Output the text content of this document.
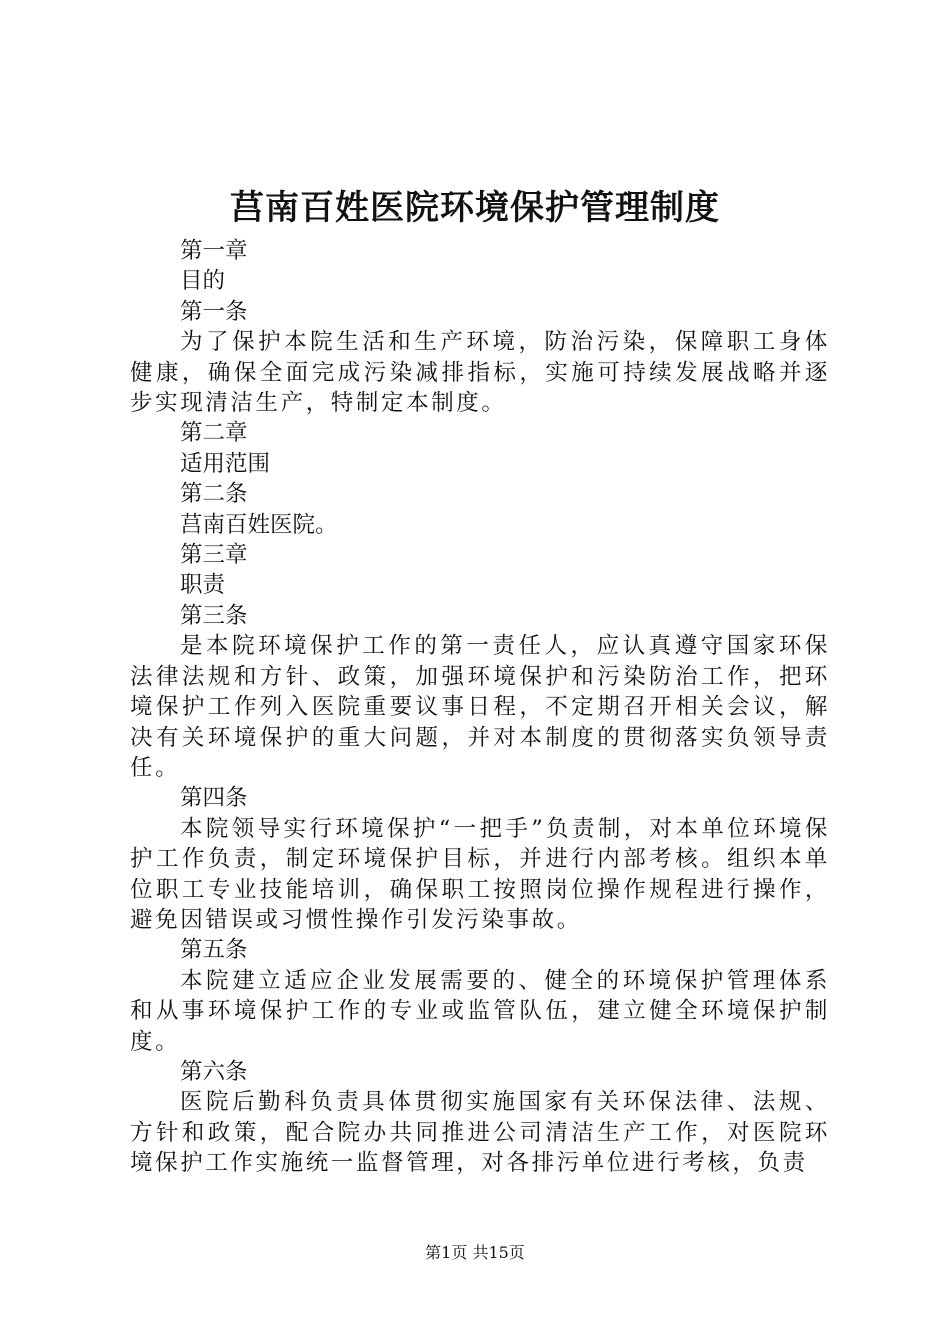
莒南百姓医院环境保护管理制度

第一章

目的

第一条

为了保护本院生活和生产环境，防治污染，保障职工身体健康，确保全面完成污染减排指标，实施可持续发展战略并逐步实现清洁生产，特制定本制度。

第二章

适用范围

第二条

莒南百姓医院。

第三章

职责

第三条

是本院环境保护工作的第一责任人，应认真遵守国家环保法律法规和方针、政策，加强环境保护和污染防治工作，把环境保护工作列入医院重要议事日程，不定期召开相关会议，解决有关环境保护的重大问题，并对本制度的贯彻落实负领导责任。

第四条

本院领导实行环境保护“一把手”负责制，对本单位环境保护工作负责，制定环境保护目标，并进行内部考核。组织本单位职工专业技能培训，确保职工按照岗位操作规程进行操作，避免因错误或习惯性操作引发污染事故。

第五条

本院建立适应企业发展需要的、健全的环境保护管理体系和从事环境保护工作的专业或监管队伍，建立健全环境保护制度。

第六条

医院后勤科负责具体贯彻实施国家有关环保法律、法规、方针和政策，配合院办共同推进公司清洁生产工作，对医院环境保护工作实施统一监督管理，对各排污单位进行考核，负责

第1页 共15页
